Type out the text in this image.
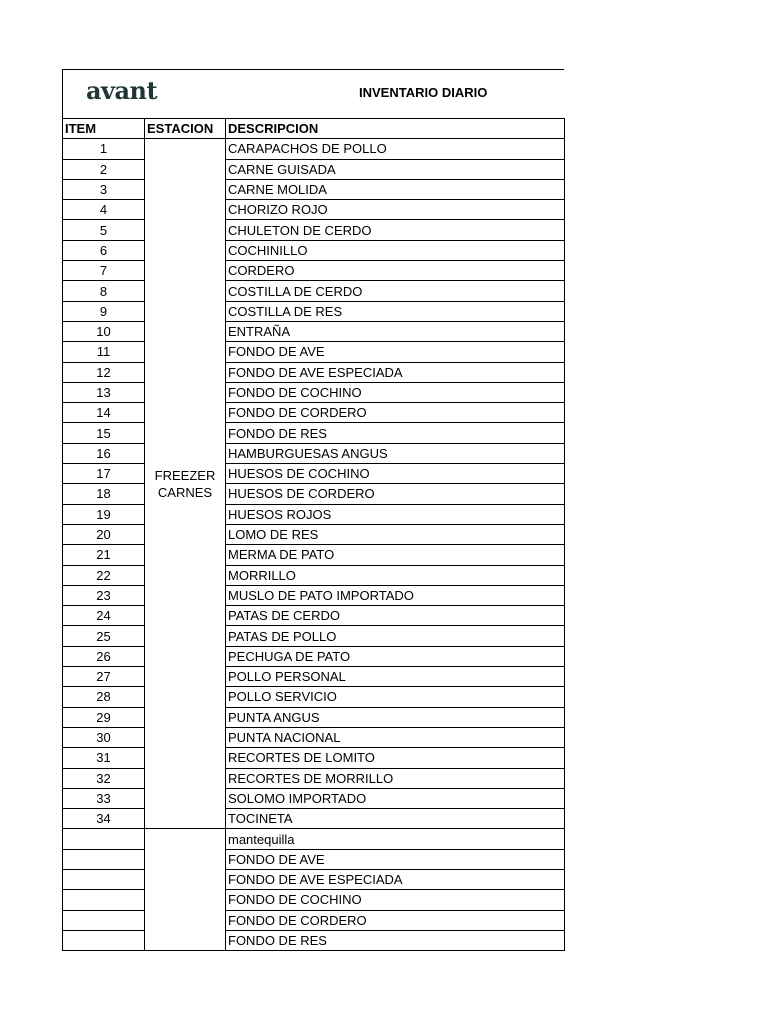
avant	INVENTARIO DIARIO
ITEM	ESTACION	DESCRIPCION
1	FREEZER CARNES	CARAPACHOS DE POLLO
2		CARNE GUISADA
3		CARNE MOLIDA
4		CHORIZO ROJO
5		CHULETON DE CERDO
6		COCHINILLO
7		CORDERO
8		COSTILLA DE CERDO
9		COSTILLA DE RES
10		ENTRAÑA
11		FONDO DE AVE
12		FONDO DE AVE ESPECIADA
13		FONDO DE COCHINO
14		FONDO DE CORDERO
15		FONDO DE RES
16		HAMBURGUESAS ANGUS
17		HUESOS DE COCHINO
18		HUESOS DE CORDERO
19		HUESOS ROJOS
20		LOMO DE RES
21		MERMA DE PATO
22		MORRILLO
23		MUSLO DE PATO IMPORTADO
24		PATAS DE CERDO
25		PATAS DE POLLO
26		PECHUGA DE PATO
27		POLLO PERSONAL
28		POLLO SERVICIO
29		PUNTA ANGUS
30		PUNTA NACIONAL
31		RECORTES DE LOMITO
32		RECORTES DE MORRILLO
33		SOLOMO IMPORTADO
34		TOCINETA
		mantequilla
		FONDO DE AVE
		FONDO DE AVE ESPECIADA
		FONDO DE COCHINO
		FONDO DE CORDERO
		FONDO DE RES
